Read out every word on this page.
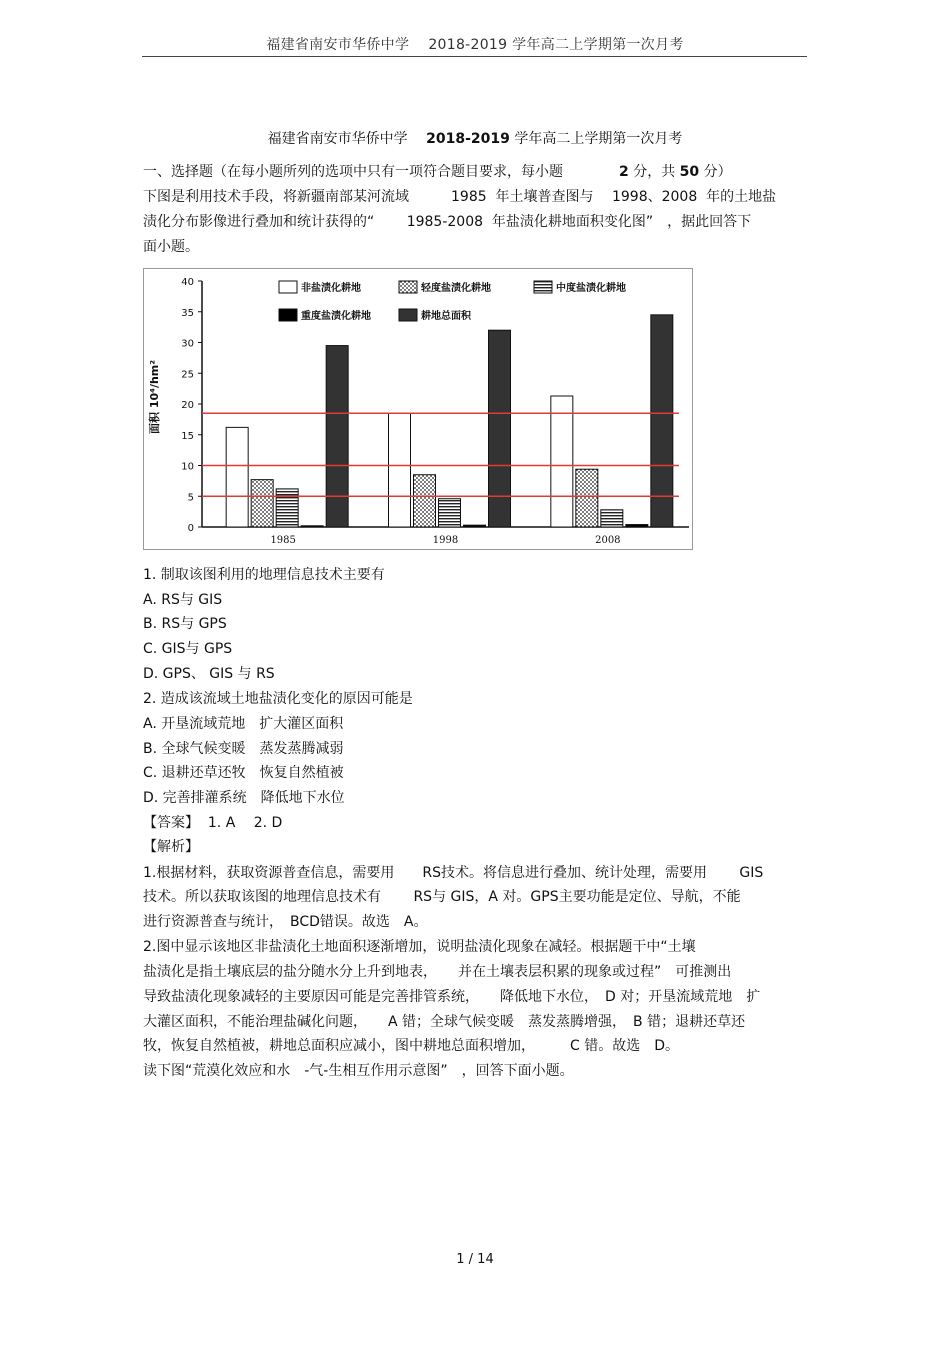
福建省南安市华侨中学　 2018-2019 学年高二上学期第一次月考
福建省南安市华侨中学　 2018-2019 学年高二上学期第一次月考
一、选择题（在每小题所列的选项中只有一项符合题目要求，每小题　　　　2 分，共 50 分）
下图是利用技术手段，将新疆南部某河流域　　　1985  年土壤普查图与　 1998、2008  年的土地盐
渍化分布影像进行叠加和统计获得的“　　 1985-2008  年盐渍化耕地面积变化图”　，据此回答下
面小题。
0
5
10
15
20
25
30
35
40
面积 10⁴/hm²
1985	1998	2008
非盐渍化耕地	轻度盐渍化耕地	中度盐渍化耕地
重度盐渍化耕地	耕地总面积
1. 制取该图利用的地理信息技术主要有
A. RS与 GIS
B. RS与 GPS
C. GIS与 GPS
D. GPS、 GIS 与 RS
2. 造成该流域土地盐渍化变化的原因可能是
A. 开垦流域荒地　扩大灌区面积
B. 全球气候变暖　蒸发蒸腾减弱
C. 退耕还草还牧　恢复自然植被
D. 完善排灌系统　降低地下水位
【答案】  1. A　 2. D
【解析】
1.根据材料，获取资源普查信息，需要用　　RS技术。将信息进行叠加、统计处理，需要用　　 GIS
技术。所以获取该图的地理信息技术有　　 RS与 GIS，A 对。GPS主要功能是定位、导航，不能
进行资源普查与统计，　BCD错误。故选　A。
2.图中显示该地区非盐渍化土地面积逐渐增加，说明盐渍化现象在减轻。根据题干中“土壤
盐渍化是指土壤底层的盐分随水分上升到地表，　　并在土壤表层积累的现象或过程”　可推测出
导致盐渍化现象减轻的主要原因可能是完善排管系统，　　降低地下水位，　D 对；开垦流域荒地　扩
大灌区面积，不能治理盐碱化问题，　　A 错；全球气候变暖　蒸发蒸腾增强，　B 错；退耕还草还
牧，恢复自然植被，耕地总面积应减小，图中耕地总面积增加，　　　C 错。故选　D。
读下图“荒漠化效应和水　-气-生相互作用示意图”　，回答下面小题。
1 / 14
